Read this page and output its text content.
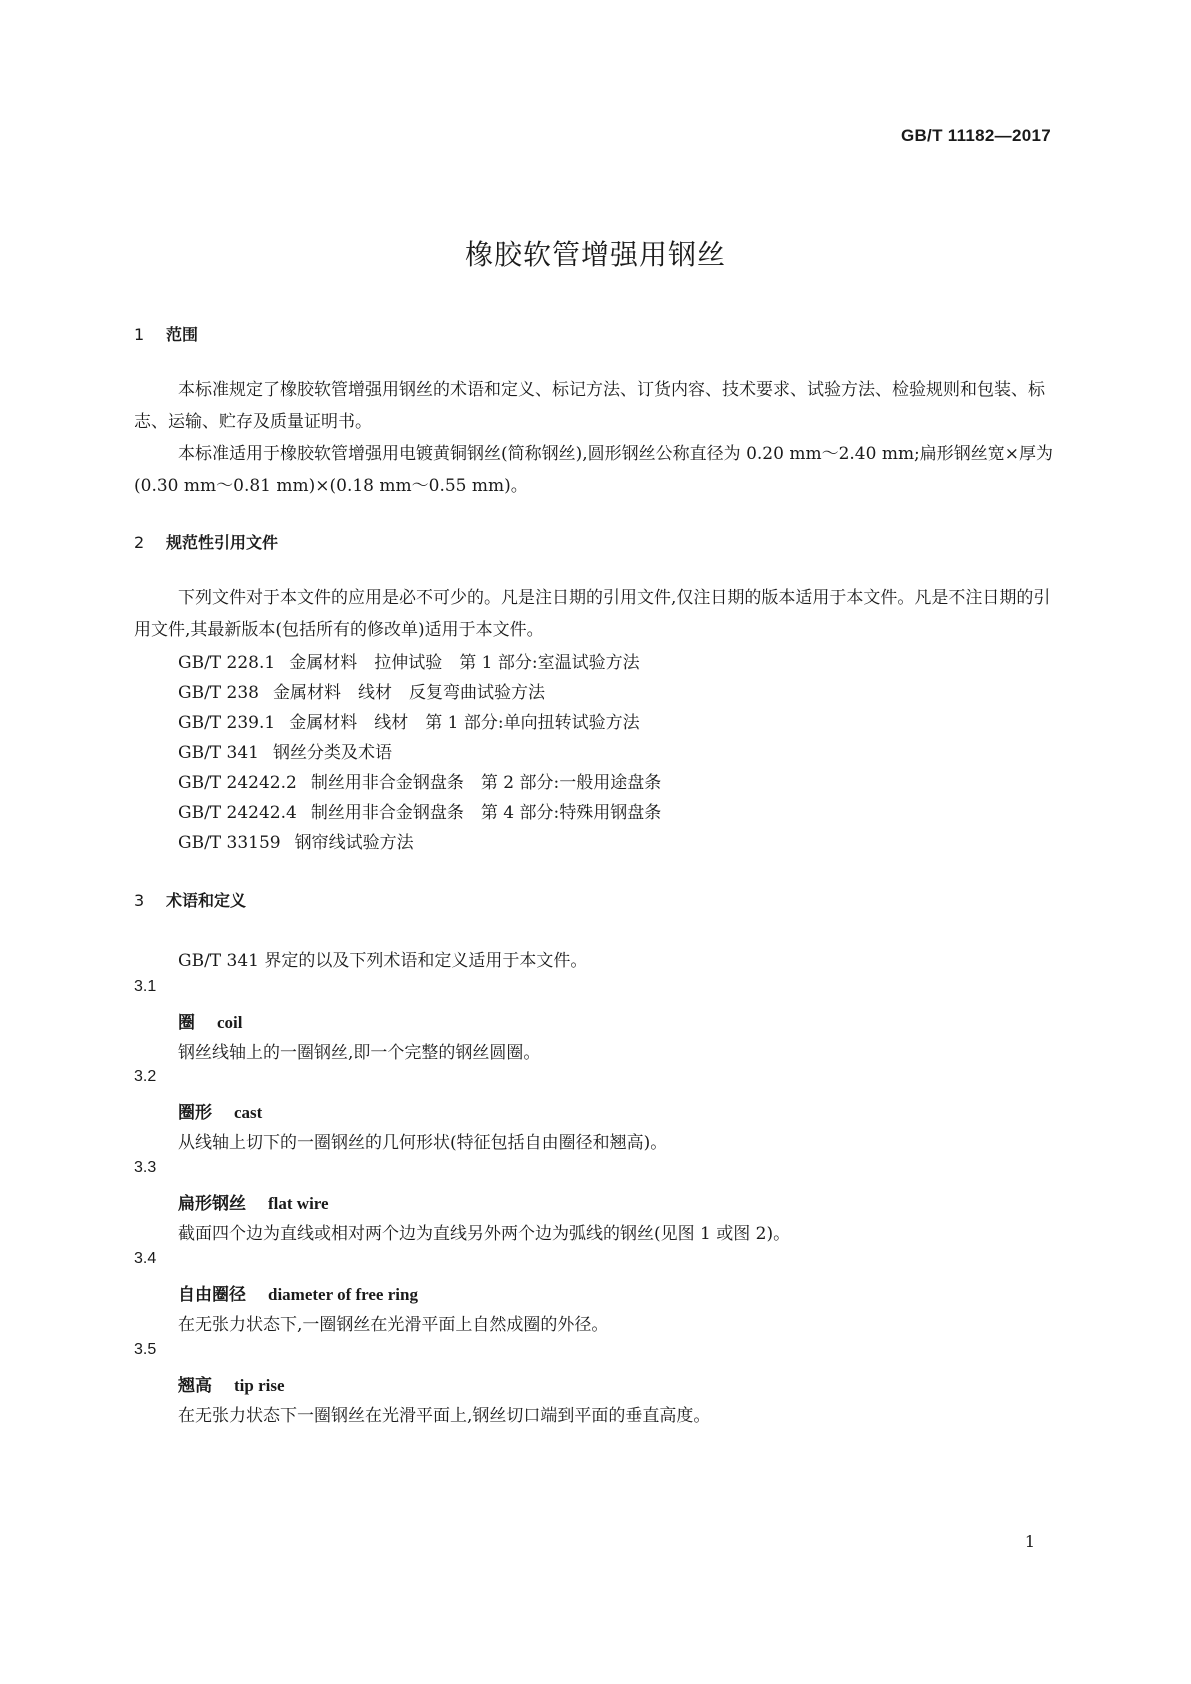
GB/T 11182—2017
橡胶软管增强用钢丝
1 范围

本标准规定了橡胶软管增强用钢丝的术语和定义、标记方法、订货内容、技术要求、试验方法、检验规则和包装、标志、运输、贮存及质量证明书。

本标准适用于橡胶软管增强用电镀黄铜钢丝(简称钢丝),圆形钢丝公称直径为 0.20 mm～2.40 mm;扁形钢丝宽×厚为(0.30 mm～0.81 mm)×(0.18 mm～0.55 mm)。

2 规范性引用文件

下列文件对于本文件的应用是必不可少的。凡是注日期的引用文件,仅注日期的版本适用于本文件。凡是不注日期的引用文件,其最新版本(包括所有的修改单)适用于本文件。

GB/T 228.1 金属材料　拉伸试验　第 1 部分:室温试验方法
GB/T 238 金属材料　线材　反复弯曲试验方法
GB/T 239.1 金属材料　线材　第 1 部分:单向扭转试验方法
GB/T 341 钢丝分类及术语
GB/T 24242.2 制丝用非合金钢盘条　第 2 部分:一般用途盘条
GB/T 24242.4 制丝用非合金钢盘条　第 4 部分:特殊用钢盘条
GB/T 33159 钢帘线试验方法
3 术语和定义
GB/T 341 界定的以及下列术语和定义适用于本文件。
3.1
圈 coil
钢丝线轴上的一圈钢丝,即一个完整的钢丝圆圈。
3.2
圈形 cast
从线轴上切下的一圈钢丝的几何形状(特征包括自由圈径和翘高)。
3.3
扁形钢丝 flat wire
截面四个边为直线或相对两个边为直线另外两个边为弧线的钢丝(见图 1 或图 2)。
3.4
自由圈径 diameter of free ring
在无张力状态下,一圈钢丝在光滑平面上自然成圈的外径。
3.5
翘高 tip rise
在无张力状态下一圈钢丝在光滑平面上,钢丝切口端到平面的垂直高度。
1
